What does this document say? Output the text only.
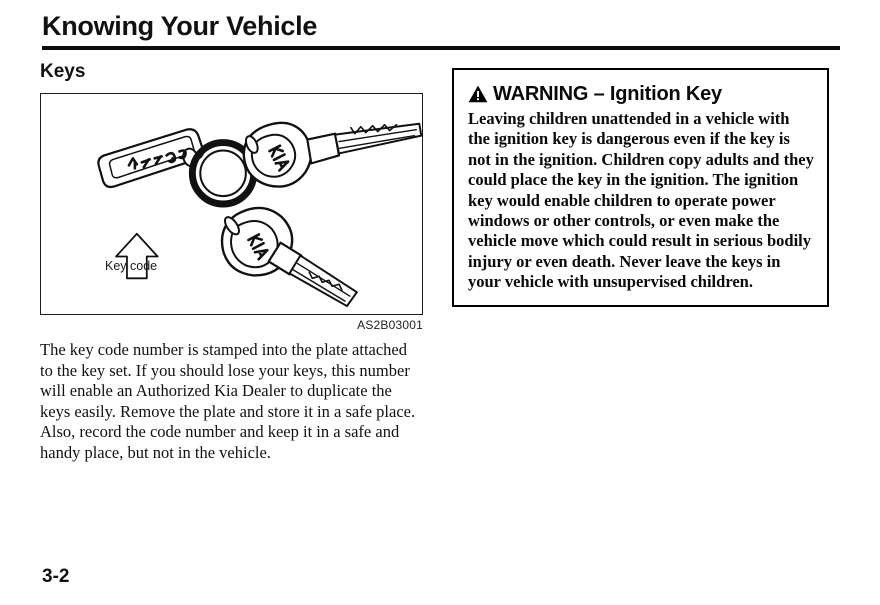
Knowing Your Vehicle
Keys
Key code
AS2B03001

The key code number is stamped into the plate attached to the key set. If you should lose your keys, this number will enable an Authorized Kia Dealer to duplicate the keys easily. Remove the plate and store it in a safe place. Also, record the code number and keep it in a safe and handy place, but not in the vehicle.

WARNING – Ignition Key
Leaving children unattended in a vehicle with the ignition key is dangerous even if the key is not in the ignition. Children copy adults and they could place the key in the ignition. The ignition key would enable children to operate power windows or other controls, or even make the vehicle move which could result in serious bodily injury or even death. Never leave the keys in your vehicle with unsupervised children.
3-2
